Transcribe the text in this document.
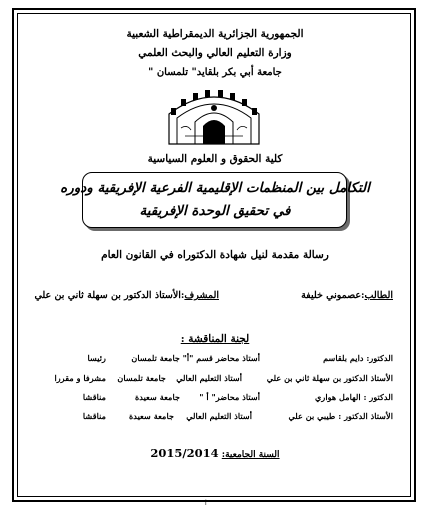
الجمهورية الجزائرية الديمقراطية الشعبية
وزارة التعليم العالي والبحث العلمي
جامعة أبي بكر بلقايد" تلمسان "
كلية الحقوق و العلوم السياسية
التكامل بين المنظمات الإقليمية الفرعية الإفريقية ودوره
في تحقيق الوحدة الإفريقية
رسالة مقدمة لنيل شهادة الدكتوراه في القانون العام
الطالب:عصموني خليفة
المشرف:الأستاذ الدكتور بن سهلة ثاني بن علي
لجنة المناقشة :
الدكتور: دايم بلقاسم
أستاذ محاضر قسم "أ"
جامعة تلمسان
رئيسا
الأستاذ الدكتور بن سهلة ثاني بن علي
أستاذ التعليم العالي
جامعة تلمسان
مشرفا و مقررا
الدكتور : الهامل هواري
أستاذ محاضر" أ "
جامعة سعيدة
مناقشا
الأستاذ الدكتور : طيبي بن علي
أستاذ التعليم العالي
جامعة سعيدة
مناقشا
السنة الجامعية: 2015/2014
أ
